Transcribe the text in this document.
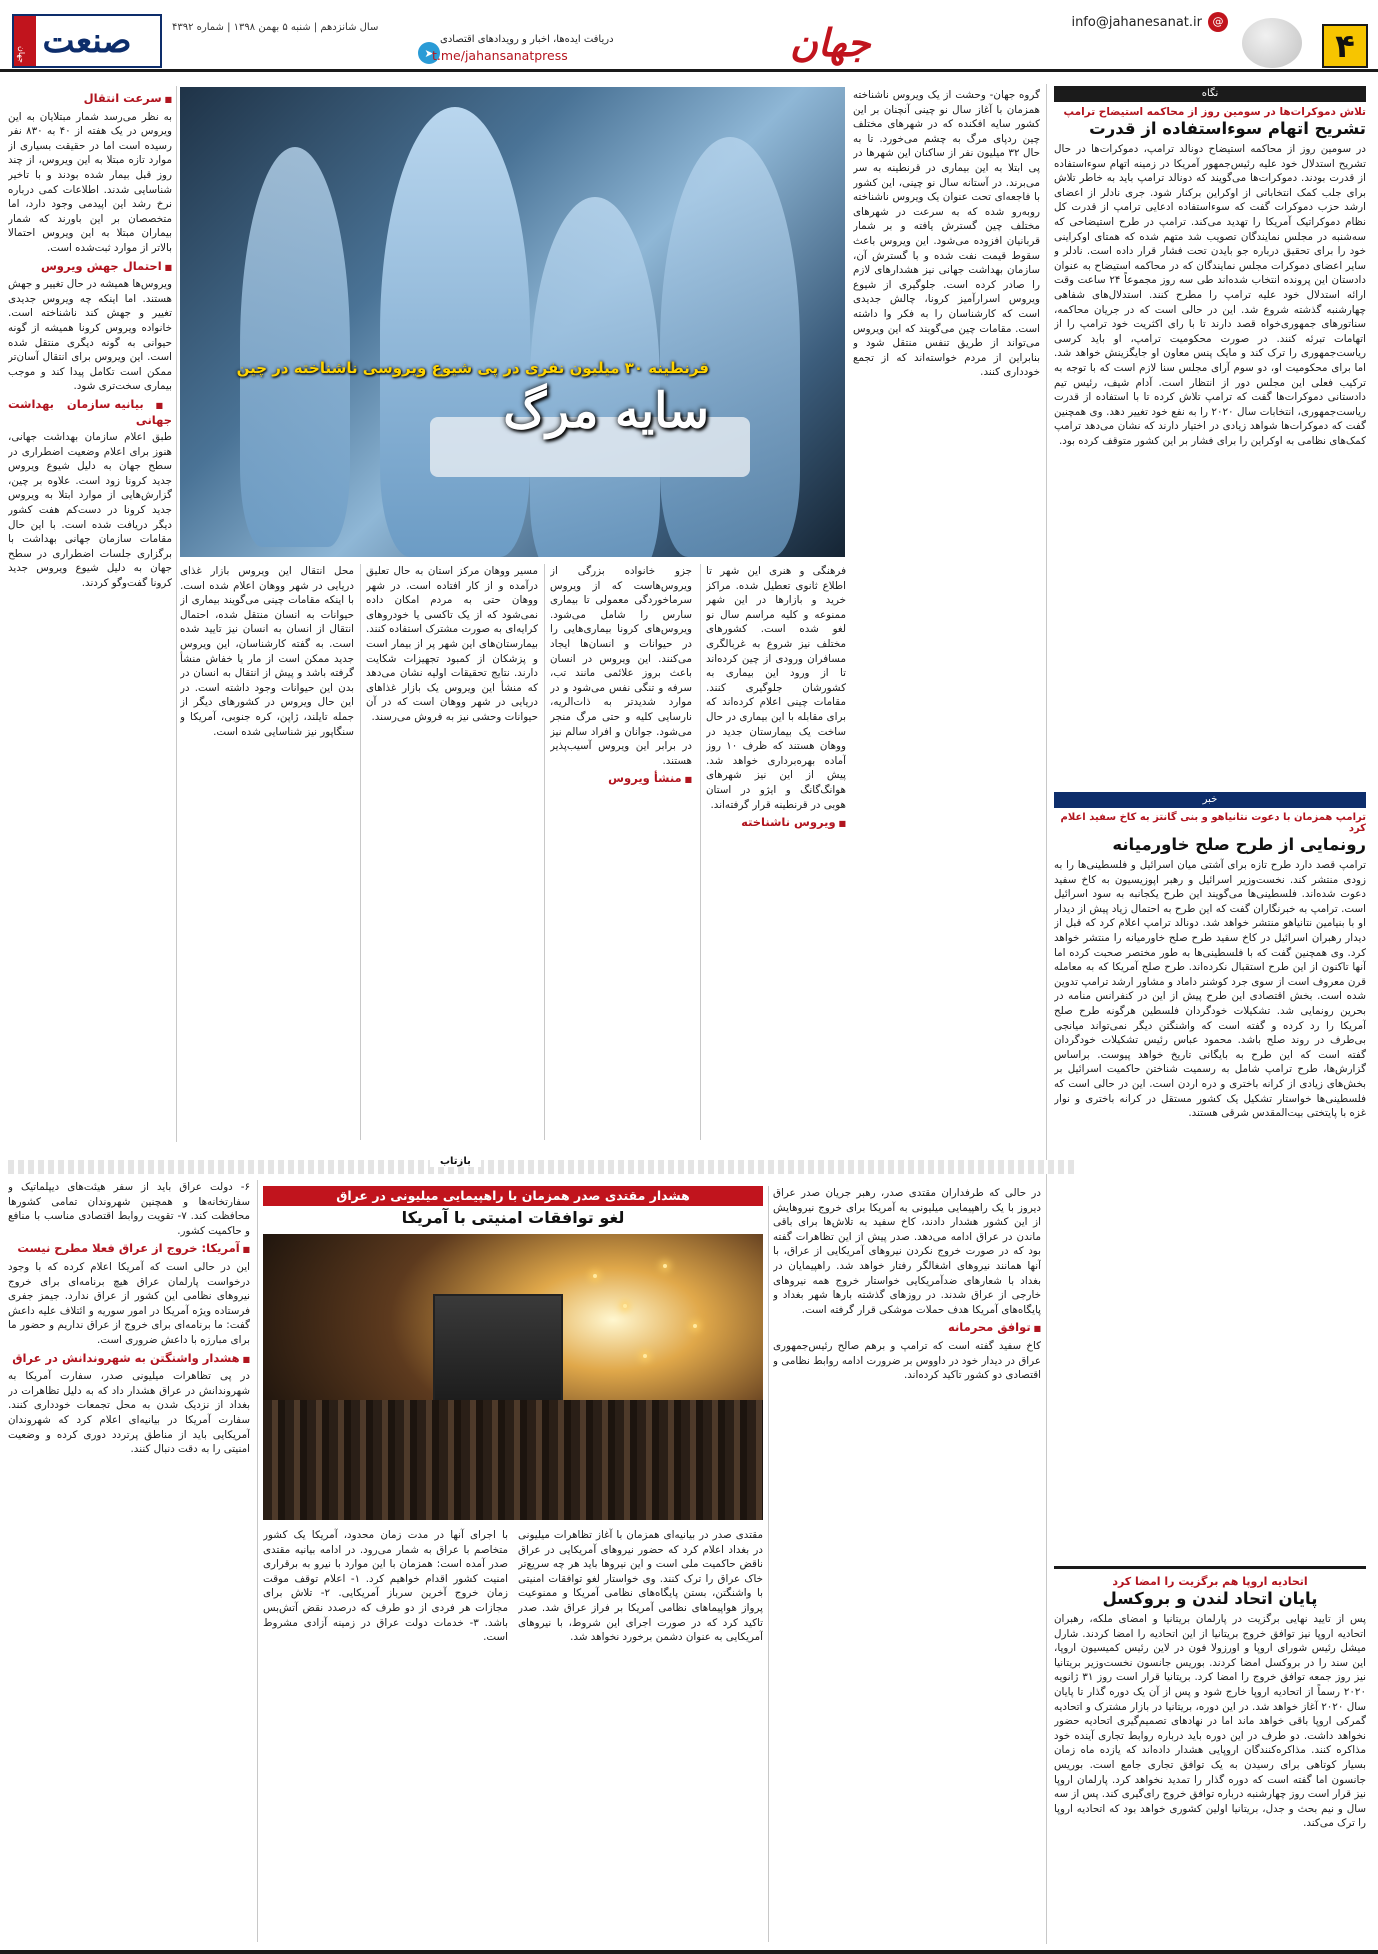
صنعت
جهان
سال شانزدهم | شنبه ۵ بهمن ۱۳۹۸ | شماره ۴۳۹۲
➤
دریافت ایده‌ها، اخبار و رویدادهای اقتصادی
t.me/jahansanatpress	جهان	info@jahanesanat.ir @
۴
نگاه
تلاش دموکرات‌ها در سومین روز از محاکمه استیضاح ترامپ
تشریح اتهام سوءاستفاده از قدرت

در سومین روز از محاکمه استیضاح دونالد ترامپ، دموکرات‌ها در حال تشریح استدلال خود علیه رئیس‌جمهور آمریکا در زمینه اتهام سوءاستفاده از قدرت بودند. دموکرات‌ها می‌گویند که دونالد ترامپ باید به خاطر تلاش برای جلب کمک انتخاباتی از اوکراین برکنار شود. جری نادلر از اعضای ارشد حزب دموکرات گفت که سوءاستفاده ادعایی ترامپ از قدرت کل نظام دموکراتیک آمریکا را تهدید می‌کند. ترامپ در طرح استیضاحی که سه‌شنبه در مجلس نمایندگان تصویب شد متهم شده که همتای اوکراینی خود را برای تحقیق درباره جو بایدن تحت فشار قرار داده است. نادلر و سایر اعضای دموکرات مجلس نمایندگان که در محاکمه استیضاح به عنوان دادستان این پرونده انتخاب شده‌اند طی سه روز مجموعاً ۲۴ ساعت وقت ارائه استدلال خود علیه ترامپ را مطرح کنند. استدلال‌های شفاهی چهارشنبه گذشته شروع شد. این در حالی است که در جریان محاکمه، سناتورهای جمهوری‌خواه قصد دارند تا با رای اکثریت خود ترامپ را از اتهامات تبرئه کنند. در صورت محکومیت ترامپ، او باید کرسی ریاست‌جمهوری را ترک کند و مایک پنس معاون او جایگزینش خواهد شد. اما برای محکومیت او، دو سوم آرای مجلس سنا لازم است که با توجه به ترکیب فعلی این مجلس دور از انتظار است. آدام شیف، رئیس تیم دادستانی دموکرات‌ها گفت که ترامپ تلاش کرده تا با استفاده از قدرت ریاست‌جمهوری، انتخابات سال ۲۰۲۰ را به نفع خود تغییر دهد. وی همچنین گفت که دموکرات‌ها شواهد زیادی در اختیار دارند که نشان می‌دهد ترامپ کمک‌های نظامی به اوکراین را برای فشار بر این کشور متوقف کرده بود.

خبر
ترامپ همزمان با دعوت نتانیاهو و بنی گانتز به کاخ سفید اعلام کرد
رونمایی از طرح صلح خاورمیانه

ترامپ قصد دارد طرح تازه برای آشتی میان اسرائیل و فلسطینی‌ها را به زودی منتشر کند. نخست‌وزیر اسرائیل و رهبر اپوزیسیون به کاخ سفید دعوت شده‌اند. فلسطینی‌ها می‌گویند این طرح یکجانبه به سود اسرائیل است. ترامپ به خبرنگاران گفت که این طرح به احتمال زیاد پیش از دیدار او با بنیامین نتانیاهو منتشر خواهد شد. دونالد ترامپ اعلام کرد که قبل از دیدار رهبران اسرائیل در کاخ سفید طرح صلح خاورمیانه را منتشر خواهد کرد. وی همچنین گفت که با فلسطینی‌ها به طور مختصر صحبت کرده اما آنها تاکنون از این طرح استقبال نکرده‌اند. طرح صلح آمریکا که به معامله قرن معروف است از سوی جرد کوشنر داماد و مشاور ارشد ترامپ تدوین شده است. بخش اقتصادی این طرح پیش از این در کنفرانس منامه در بحرین رونمایی شد. تشکیلات خودگردان فلسطین هرگونه طرح صلح آمریکا را رد کرده و گفته است که واشنگتن دیگر نمی‌تواند میانجی بی‌طرف در روند صلح باشد. محمود عباس رئیس تشکیلات خودگردان گفته است که این طرح به بایگانی تاریخ خواهد پیوست. براساس گزارش‌ها، طرح ترامپ شامل به رسمیت شناختن حاکمیت اسرائیل بر بخش‌های زیادی از کرانه باختری و دره اردن است. این در حالی است که فلسطینی‌ها خواستار تشکیل یک کشور مستقل در کرانه باختری و نوار غزه با پایتختی بیت‌المقدس شرقی هستند.

اتحادیه اروپا هم برگزیت را امضا کرد
پایان اتحاد لندن و بروکسل

پس از تایید نهایی برگزیت در پارلمان بریتانیا و امضای ملکه، رهبران اتحادیه اروپا نیز توافق خروج بریتانیا از این اتحادیه را امضا کردند. شارل میشل رئیس شورای اروپا و اورزولا فون در لاین رئیس کمیسیون اروپا، این سند را در بروکسل امضا کردند. بوریس جانسون نخست‌وزیر بریتانیا نیز روز جمعه توافق خروج را امضا کرد. بریتانیا قرار است روز ۳۱ ژانویه ۲۰۲۰ رسماً از اتحادیه اروپا خارج شود و پس از آن یک دوره گذار تا پایان سال ۲۰۲۰ آغاز خواهد شد. در این دوره، بریتانیا در بازار مشترک و اتحادیه گمرکی اروپا باقی خواهد ماند اما در نهادهای تصمیم‌گیری اتحادیه حضور نخواهد داشت. دو طرف در این دوره باید درباره روابط تجاری آینده خود مذاکره کنند. مذاکره‌کنندگان اروپایی هشدار داده‌اند که یازده ماه زمان بسیار کوتاهی برای رسیدن به یک توافق تجاری جامع است. بوریس جانسون اما گفته است که دوره گذار را تمدید نخواهد کرد. پارلمان اروپا نیز قرار است روز چهارشنبه درباره توافق خروج رای‌گیری کند. پس از سه سال و نیم بحث و جدل، بریتانیا اولین کشوری خواهد بود که اتحادیه اروپا را ترک می‌کند.

گروه جهان- وحشت از یک ویروس ناشناخته همزمان با آغاز سال نو چینی آنچنان بر این کشور سایه افکنده که در شهرهای مختلف چین ردپای مرگ به چشم می‌خورد. تا به حال ۳۲ میلیون نفر از ساکنان این شهرها در پی ابتلا به این بیماری در قرنطینه به سر می‌برند. در آستانه سال نو چینی، این کشور با فاجعه‌ای تحت عنوان یک ویروس ناشناخته روبه‌رو شده که به سرعت در شهرهای مختلف چین گسترش یافته و بر شمار قربانیان افزوده می‌شود. این ویروس باعث سقوط قیمت نفت شده و با گسترش آن، سازمان بهداشت جهانی نیز هشدارهای لازم را صادر کرده است. جلوگیری از شیوع ویروس اسرارآمیز کرونا، چالش جدیدی است که کارشناسان را به فکر وا داشته است. مقامات چین می‌گویند که این ویروس می‌تواند از طریق تنفس منتقل شود و بنابراین از مردم خواسته‌اند که از تجمع خودداری کنند.

قرنطینه ۳۰ میلیون نفری در پی شیوع ویروسی ناشناخته در چین
سایه مرگ

فرهنگی و هنری این شهر تا اطلاع ثانوی تعطیل شده. مراکز خرید و بازارها در این شهر ممنوعه و کلیه مراسم سال نو لغو شده است. کشورهای مختلف نیز شروع به غربالگری مسافران ورودی از چین کرده‌اند تا از ورود این بیماری به کشورشان جلوگیری کنند. مقامات چینی اعلام کرده‌اند که برای مقابله با این بیماری در حال ساخت یک بیمارستان جدید در ووهان هستند که ظرف ۱۰ روز آماده بهره‌برداری خواهد شد. پیش از این نیز شهرهای هوانگ‌گانگ و ایژو در استان هوبی در قرنطینه قرار گرفته‌اند.

■ ویروس ناشناخته

جزو خانواده بزرگی از ویروس‌هاست که از ویروس سرماخوردگی معمولی تا بیماری سارس را شامل می‌شود. ویروس‌های کرونا بیماری‌هایی را در حیوانات و انسان‌ها ایجاد می‌کنند. این ویروس در انسان باعث بروز علائمی مانند تب، سرفه و تنگی نفس می‌شود و در موارد شدیدتر به ذات‌الریه، نارسایی کلیه و حتی مرگ منجر می‌شود. جوانان و افراد سالم نیز در برابر این ویروس آسیب‌پذیر هستند.

■ منشأ ویروس

مسیر ووهان مرکز استان به حال تعلیق درآمده و از کار افتاده است. در شهر ووهان حتی به مردم امکان داده نمی‌شود که از یک تاکسی یا خودروهای کرایه‌ای به صورت مشترک استفاده کنند. بیمارستان‌های این شهر پر از بیمار است و پزشکان از کمبود تجهیزات شکایت دارند. نتایج تحقیقات اولیه نشان می‌دهد که منشأ این ویروس یک بازار غذاهای دریایی در شهر ووهان است که در آن حیوانات وحشی نیز به فروش می‌رسند.

محل انتقال این ویروس بازار غذای دریایی در شهر ووهان اعلام شده است. با اینکه مقامات چینی می‌گویند بیماری از حیوانات به انسان منتقل شده، احتمال انتقال از انسان به انسان نیز تایید شده است. به گفته کارشناسان، این ویروس جدید ممکن است از مار یا خفاش منشأ گرفته باشد و پیش از انتقال به انسان در بدن این حیوانات وجود داشته است. در این حال ویروس در کشورهای دیگر از جمله تایلند، ژاپن، کره جنوبی، آمریکا و سنگاپور نیز شناسایی شده است.

■ سرعت انتقال

به نظر می‌رسد شمار مبتلایان به این ویروس در یک هفته از ۴۰ به ۸۳۰ نفر رسیده است اما در حقیقت بسیاری از موارد تازه مبتلا به این ویروس، از چند روز قبل بیمار شده بودند و با تاخیر شناسایی شدند. اطلاعات کمی درباره نرخ رشد این اپیدمی وجود دارد، اما متخصصان بر این باورند که شمار بیماران مبتلا به این ویروس احتمالا بالاتر از موارد ثبت‌شده است.

■ احتمال جهش ویروس

ویروس‌ها همیشه در حال تغییر و جهش هستند. اما اینکه چه ویروس جدیدی تغییر و جهش کند ناشناخته است. خانواده ویروس کرونا همیشه از گونه حیوانی به گونه دیگری منتقل شده است. این ویروس برای انتقال آسان‌تر ممکن است تکامل پیدا کند و موجب بیماری سخت‌تری شود.

■ بیانیه سازمان بهداشت جهانی

طبق اعلام سازمان بهداشت جهانی، هنوز برای اعلام وضعیت اضطراری در سطح جهان به دلیل شیوع ویروس جدید کرونا زود است. علاوه بر چین، گزارش‌هایی از موارد ابتلا به ویروس جدید کرونا در دست‌کم هفت کشور دیگر دریافت شده است. با این حال مقامات سازمان جهانی بهداشت با برگزاری جلسات اضطراری در سطح جهان به دلیل شیوع ویروس جدید کرونا گفت‌وگو کردند.

بازتاب
هشدار مقتدی صدر همزمان با راهپیمایی میلیونی در عراق
لغو توافقات امنیتی با آمریکا

در حالی که طرفداران مقتدی صدر، رهبر جریان صدر عراق دیروز با یک راهپیمایی میلیونی به آمریکا برای خروج نیروهایش از این کشور هشدار دادند، کاخ سفید به تلاش‌ها برای باقی ماندن در عراق ادامه می‌دهد. صدر پیش از این تظاهرات گفته بود که در صورت خروج نکردن نیروهای آمریکایی از عراق، با آنها همانند نیروهای اشغالگر رفتار خواهد شد. راهپیمایان در بغداد با شعارهای ضدآمریکایی خواستار خروج همه نیروهای خارجی از عراق شدند. در روزهای گذشته بارها شهر بغداد و پایگاه‌های آمریکا هدف حملات موشکی قرار گرفته است.

■ توافق محرمانه

کاخ سفید گفته است که ترامپ و برهم صالح رئیس‌جمهوری عراق در دیدار خود در داووس بر ضرورت ادامه روابط نظامی و اقتصادی دو کشور تاکید کرده‌اند.

مقتدی صدر در بیانیه‌ای همزمان با آغاز تظاهرات میلیونی در بغداد اعلام کرد که حضور نیروهای آمریکایی در عراق ناقض حاکمیت ملی است و این نیروها باید هر چه سریع‌تر خاک عراق را ترک کنند. وی خواستار لغو توافقات امنیتی با واشنگتن، بستن پایگاه‌های نظامی آمریکا و ممنوعیت پرواز هواپیماهای نظامی آمریکا بر فراز عراق شد. صدر تاکید کرد که در صورت اجرای این شروط، با نیروهای آمریکایی به عنوان دشمن برخورد نخواهد شد.

با اجرای آنها در مدت زمان محدود، آمریکا یک کشور متخاصم با عراق به شمار می‌رود. در ادامه بیانیه مقتدی صدر آمده است: همزمان با این موارد با نیرو به برقراری امنیت کشور اقدام خواهیم کرد. ۱- اعلام توقف موقت زمان خروج آخرین سرباز آمریکایی. ۲- تلاش برای مجازات هر فردی از دو طرف که درصدد نقض آتش‌بس باشد. ۳- خدمات دولت عراق در زمینه آزادی مشروط است.

۶- دولت عراق باید از سفر هیئت‌های دیپلماتیک و سفارتخانه‌ها و همچنین شهروندان تمامی کشورها محافظت کند. ۷- تقویت روابط اقتصادی مناسب با منافع و حاکمیت کشور.

■ آمریکا: خروج از عراق فعلا مطرح نیست

این در حالی است که آمریکا اعلام کرده که با وجود درخواست پارلمان عراق هیچ برنامه‌ای برای خروج نیروهای نظامی این کشور از عراق ندارد. جیمز جفری فرستاده ویژه آمریکا در امور سوریه و ائتلاف علیه داعش گفت: ما برنامه‌ای برای خروج از عراق نداریم و حضور ما برای مبارزه با داعش ضروری است.

■ هشدار واشنگتن به شهروندانش در عراق

در پی تظاهرات میلیونی صدر، سفارت آمریکا به شهروندانش در عراق هشدار داد که به دلیل تظاهرات در بغداد از نزدیک شدن به محل تجمعات خودداری کنند. سفارت آمریکا در بیانیه‌ای اعلام کرد که شهروندان آمریکایی باید از مناطق پرتردد دوری کرده و وضعیت امنیتی را به دقت دنبال کنند.
